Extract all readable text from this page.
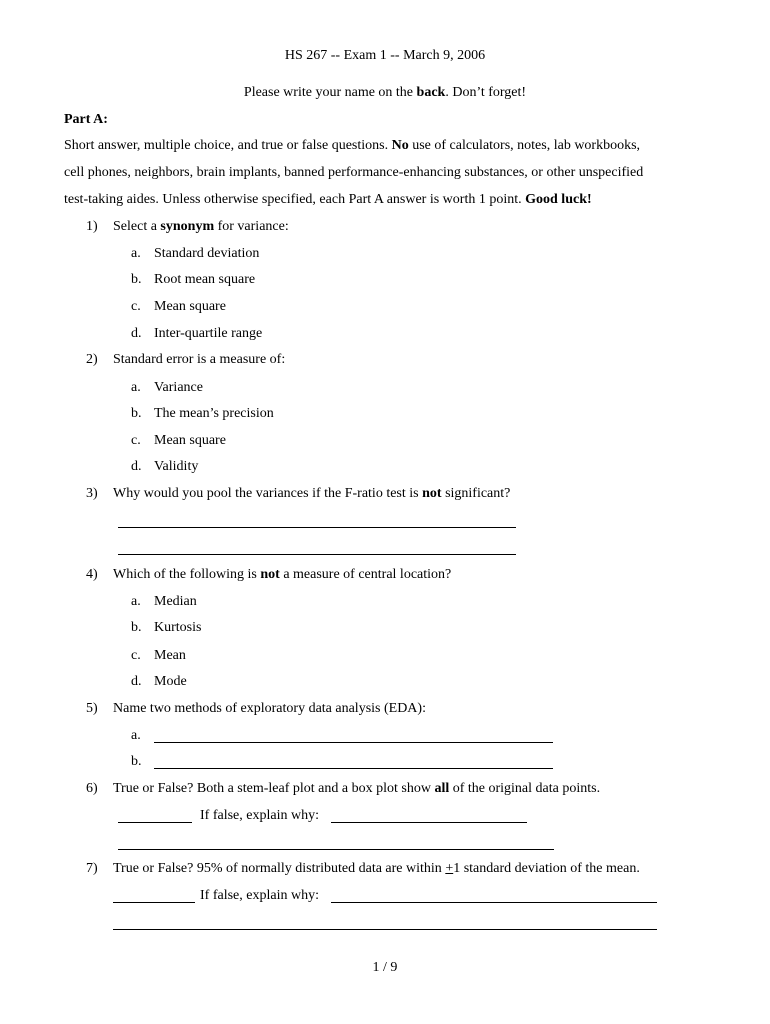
HS 267 -- Exam 1 -- March 9, 2006
Please write your name on the back. Don’t forget!
Part A:
Short answer, multiple choice, and true or false questions. No use of calculators, notes, lab workbooks,
cell phones, neighbors, brain implants, banned performance-enhancing substances, or other unspecified
test-taking aides. Unless otherwise specified, each Part A answer is worth 1 point. Good luck!
1) Select a synonym for variance:
a. Standard deviation
b. Root mean square
c. Mean square
d. Inter-quartile range
2) Standard error is a measure of:
a. Variance
b. The mean’s precision
c. Mean square
d. Validity
3) Why would you pool the variances if the F-ratio test is not significant?
4) Which of the following is not a measure of central location?
a. Median
b. Kurtosis
c. Mean
d. Mode
5) Name two methods of exploratory data analysis (EDA):
a.
b.
6) True or False? Both a stem-leaf plot and a box plot show all of the original data points.
If false, explain why:
7) True or False? 95% of normally distributed data are within +1 standard deviation of the mean.
If false, explain why:
1 / 9
